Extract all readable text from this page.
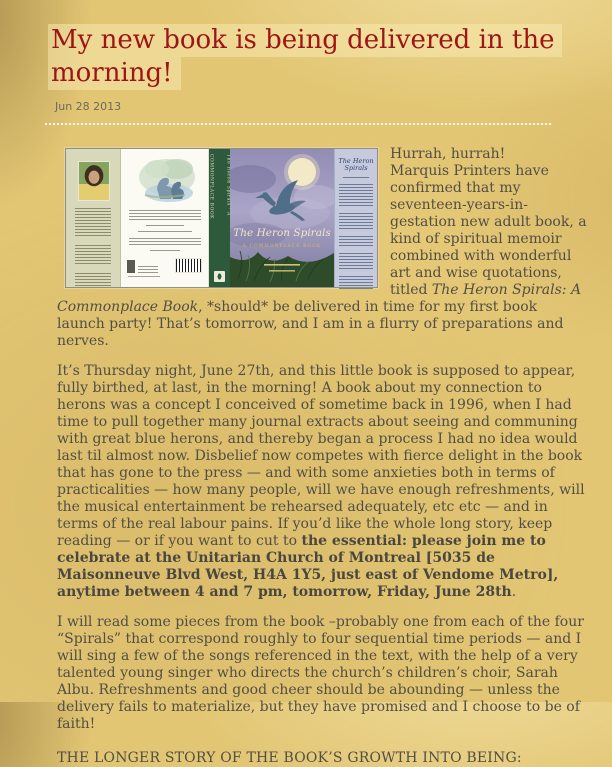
My new book is being delivered in the
morning!
Jun 28 2013
The Heron Spirals · A COMMONPLACE BOOK
The Heron Spirals
A COMMONPLACE BOOK
The Heron Spirals

Hurrah, hurrah!
Marquis Printers have confirmed that my seventeen-years-in-gestation new adult book, a kind of spiritual memoir combined with wonderful art and wise quotations, titled The Heron Spirals: A Commonplace Book, *should* be delivered in time for my first book launch party! That’s tomorrow, and I am in a flurry of preparations and nerves.

It’s Thursday night, June 27th, and this little book is supposed to appear, fully birthed, at last, in the morning! A book about my connection to herons was a concept I conceived of sometime back in 1996, when I had time to pull together many journal extracts about seeing and communing with great blue herons, and thereby began a process I had no idea would last til almost now. Disbelief now competes with fierce delight in the book that has gone to the press — and with some anxieties both in terms of practicalities — how many people, will we have enough refreshments, will the musical entertainment be rehearsed adequately, etc etc — and in terms of the real labour pains. If you’d like the whole long story, keep reading — or if you want to cut to the essential: please join me to celebrate at the Unitarian Church of Montreal [5035 de Maisonneuve Blvd West, H4A 1Y5, just east of Vendome Metro], anytime between 4 and 7 pm, tomorrow, Friday, June 28th.

I will read some pieces from the book –probably one from each of the four “Spirals” that correspond roughly to four sequential time periods — and I will sing a few of the songs referenced in the text, with the help of a very talented young singer who directs the church’s children’s choir, Sarah Albu. Refreshments and good cheer should be abounding — unless the delivery fails to materialize, but they have promised and I choose to be of faith!

THE LONGER STORY OF THE BOOK’S GROWTH INTO BEING:
